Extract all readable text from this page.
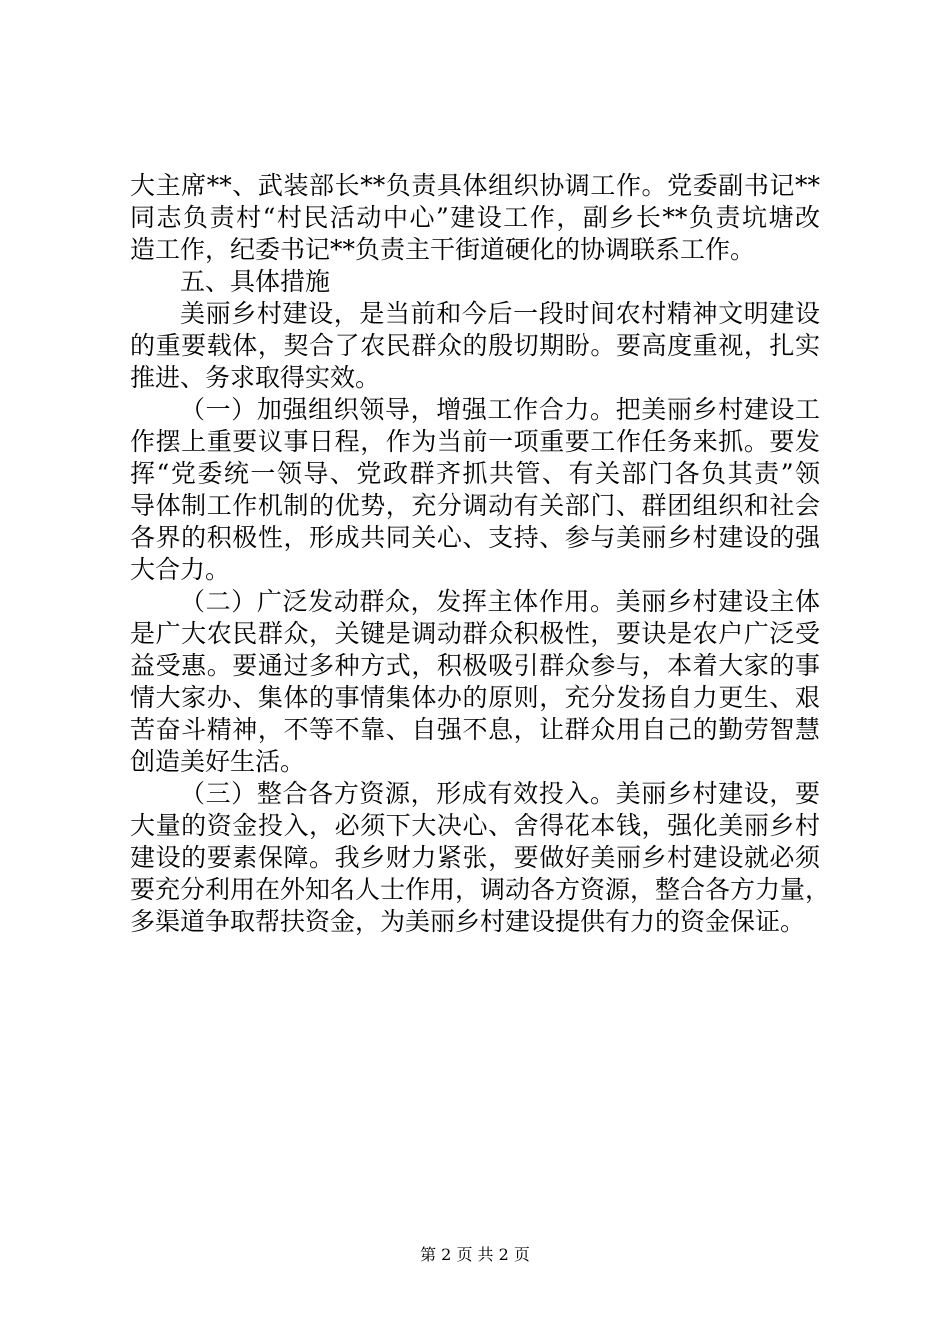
大主席**、武装部长**负责具体组织协调工作。党委副书记**
同志负责村“村民活动中心”建设工作，副乡长**负责坑塘改
造工作，纪委书记**负责主干街道硬化的协调联系工作。
五、具体措施
美丽乡村建设，是当前和今后一段时间农村精神文明建设
的重要载体，契合了农民群众的殷切期盼。要高度重视，扎实
推进、务求取得实效。
（一）加强组织领导，增强工作合力。把美丽乡村建设工
作摆上重要议事日程，作为当前一项重要工作任务来抓。要发
挥“党委统一领导、党政群齐抓共管、有关部门各负其责”领
导体制工作机制的优势，充分调动有关部门、群团组织和社会
各界的积极性，形成共同关心、支持、参与美丽乡村建设的强
大合力。
（二）广泛发动群众，发挥主体作用。美丽乡村建设主体
是广大农民群众，关键是调动群众积极性，要诀是农户广泛受
益受惠。要通过多种方式，积极吸引群众参与，本着大家的事
情大家办、集体的事情集体办的原则，充分发扬自力更生、艰
苦奋斗精神，不等不靠、自强不息，让群众用自己的勤劳智慧
创造美好生活。
（三）整合各方资源，形成有效投入。美丽乡村建设，要
大量的资金投入，必须下大决心、舍得花本钱，强化美丽乡村
建设的要素保障。我乡财力紧张，要做好美丽乡村建设就必须
要充分利用在外知名人士作用，调动各方资源，整合各方力量，
多渠道争取帮扶资金，为美丽乡村建设提供有力的资金保证。
第 2 页 共 2 页
